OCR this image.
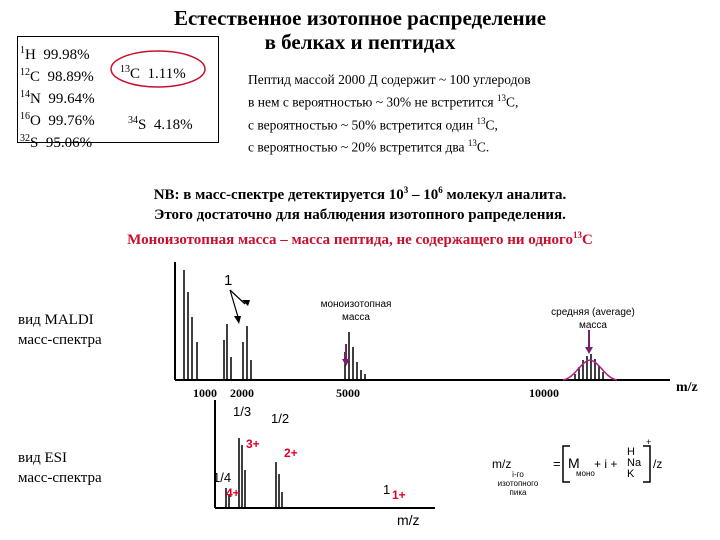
Естественное изотопное распределение
в белках и пептидах
$^1$H 99.98%
$^{12}$C 98.89%
$^{14}$N 99.64%
$^{16}$O 99.76%
$^{32}$S 95.06%
$^{13}$C 1.11%
$^{34}$S 4.18%
Пептид массой 2000 Д содержит ~ 100 углеродов
в нем с вероятностью ~ 30% не встретится $^{13}$С,
с вероятностью ~ 50% встретится один $^{13}$С,
с вероятностью ~ 20% встретится два $^{13}$С.
NB: в масс-спектре детектируется $10^3 - 10^6$ молекул аналита.
Этого достаточно для наблюдения изотопного рапределения.
Моноизотопная масса – масса пептида, не содержащего ни одного$^{13}$С
вид MALDI
масс-спектра
1
моноизотопная
масса	средняя (average)
масса
1000 2000	5000	10000	m/z
вид ESI
масс-спектра
1/3 1/2
1/4
1
3+
2+
4+	1+
m/z
m/z
i-го
изотопного
пика
= M
моно
+ i +
H
Na
K
+
/z
